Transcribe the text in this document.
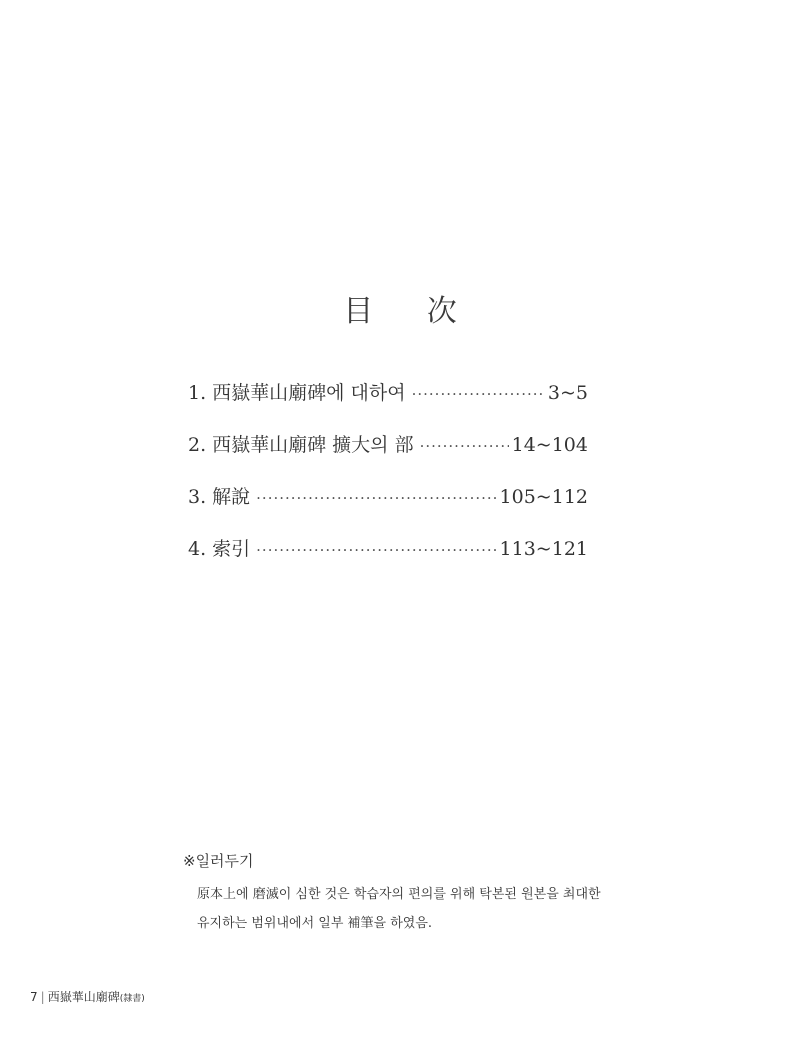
目 次
1. 西嶽華山廟碑에 대하여 ·····	3~5
2. 西嶽華山廟碑 擴大의 部 ·····	14~104
3. 解說 ·····	105~112
4. 索引 ·····	113~121
※일러두기
原本上에 磨滅이 심한 것은 학습자의 편의를 위해 탁본된 원본을 최대한
유지하는 범위내에서 일부 補筆을 하였음.
7 | 西嶽華山廟碑(隸書)
